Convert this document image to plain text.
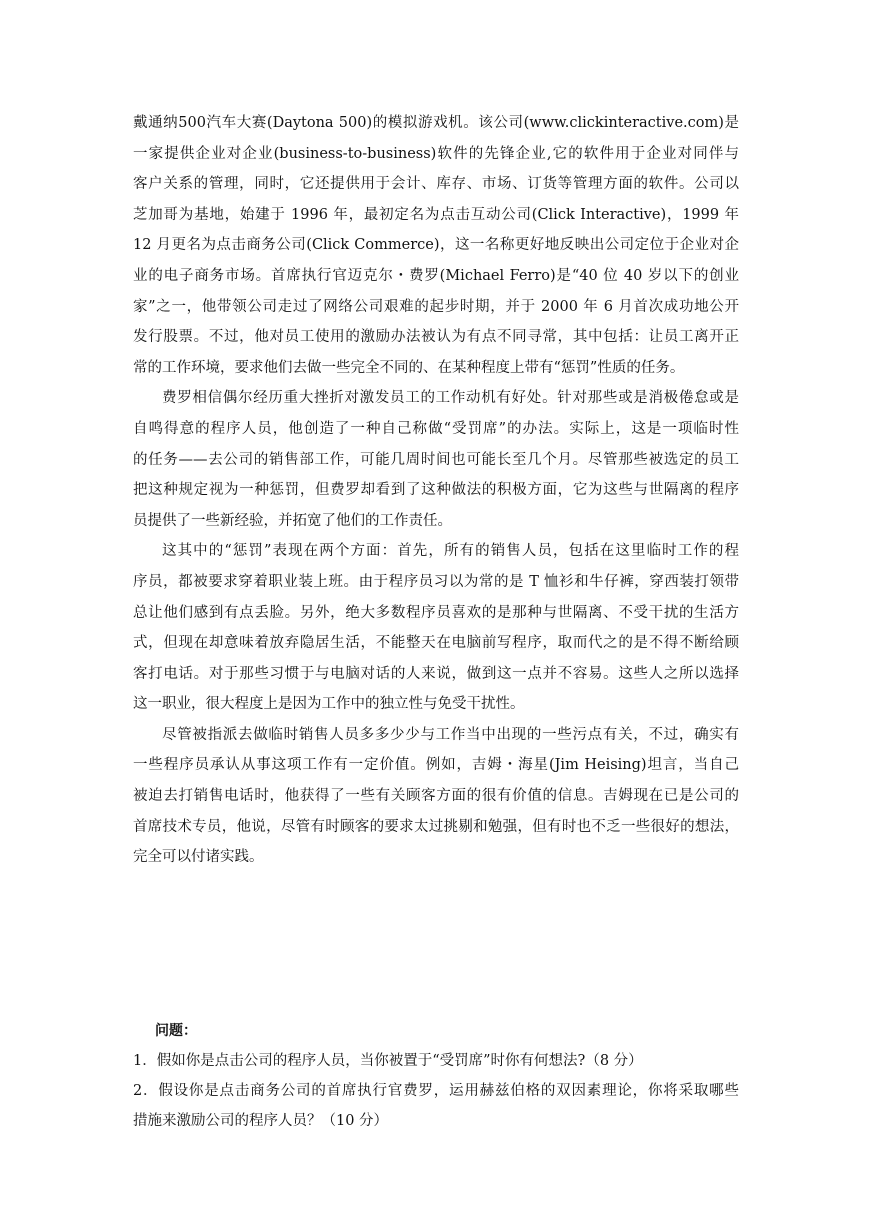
戴通纳500汽车大赛(Daytona 500)的模拟游戏机。该公司(www.clickinteractive.com)是
一家提供企业对企业(business-to-business)软件的先锋企业,它的软件用于企业对同伴与
客户关系的管理，同时，它还提供用于会计、库存、市场、订货等管理方面的软件。公司以
芝加哥为基地，始建于 1996 年，最初定名为点击互动公司(Click Interactive)，1999 年
12 月更名为点击商务公司(Click Commerce)，这一名称更好地反映出公司定位于企业对企
业的电子商务市场。首席执行官迈克尔・费罗(Michael Ferro)是“40 位 40 岁以下的创业
家”之一，他带领公司走过了网络公司艰难的起步时期，并于 2000 年 6 月首次成功地公开
发行股票。不过，他对员工使用的激励办法被认为有点不同寻常，其中包括：让员工离开正
常的工作环境，要求他们去做一些完全不同的、在某种程度上带有“惩罚”性质的任务。
费罗相信偶尔经历重大挫折对激发员工的工作动机有好处。针对那些或是消极倦怠或是
自鸣得意的程序人员，他创造了一种自己称做“受罚席”的办法。实际上，这是一项临时性
的任务——去公司的销售部工作，可能几周时间也可能长至几个月。尽管那些被选定的员工
把这种规定视为一种惩罚，但费罗却看到了这种做法的积极方面，它为这些与世隔离的程序
员提供了一些新经验，并拓宽了他们的工作责任。
这其中的“惩罚”表现在两个方面：首先，所有的销售人员，包括在这里临时工作的程
序员，都被要求穿着职业装上班。由于程序员习以为常的是 T 恤衫和牛仔裤，穿西装打领带
总让他们感到有点丢脸。另外，绝大多数程序员喜欢的是那种与世隔离、不受干扰的生活方
式，但现在却意味着放弃隐居生活，不能整天在电脑前写程序，取而代之的是不得不断给顾
客打电话。对于那些习惯于与电脑对话的人来说，做到这一点并不容易。这些人之所以选择
这一职业，很大程度上是因为工作中的独立性与免受干扰性。
尽管被指派去做临时销售人员多多少少与工作当中出现的一些污点有关，不过，确实有
一些程序员承认从事这项工作有一定价值。例如，吉姆・海星(Jim Heising)坦言，当自己
被迫去打销售电话时，他获得了一些有关顾客方面的很有价值的信息。吉姆现在已是公司的
首席技术专员，他说，尽管有时顾客的要求太过挑剔和勉强，但有时也不乏一些很好的想法，
完全可以付诸实践。
问题：
1．假如你是点击公司的程序人员，当你被置于“受罚席”时你有何想法?（8 分）
2．假设你是点击商务公司的首席执行官费罗，运用赫兹伯格的双因素理论，你将采取哪些
措施来激励公司的程序人员？（10 分）
